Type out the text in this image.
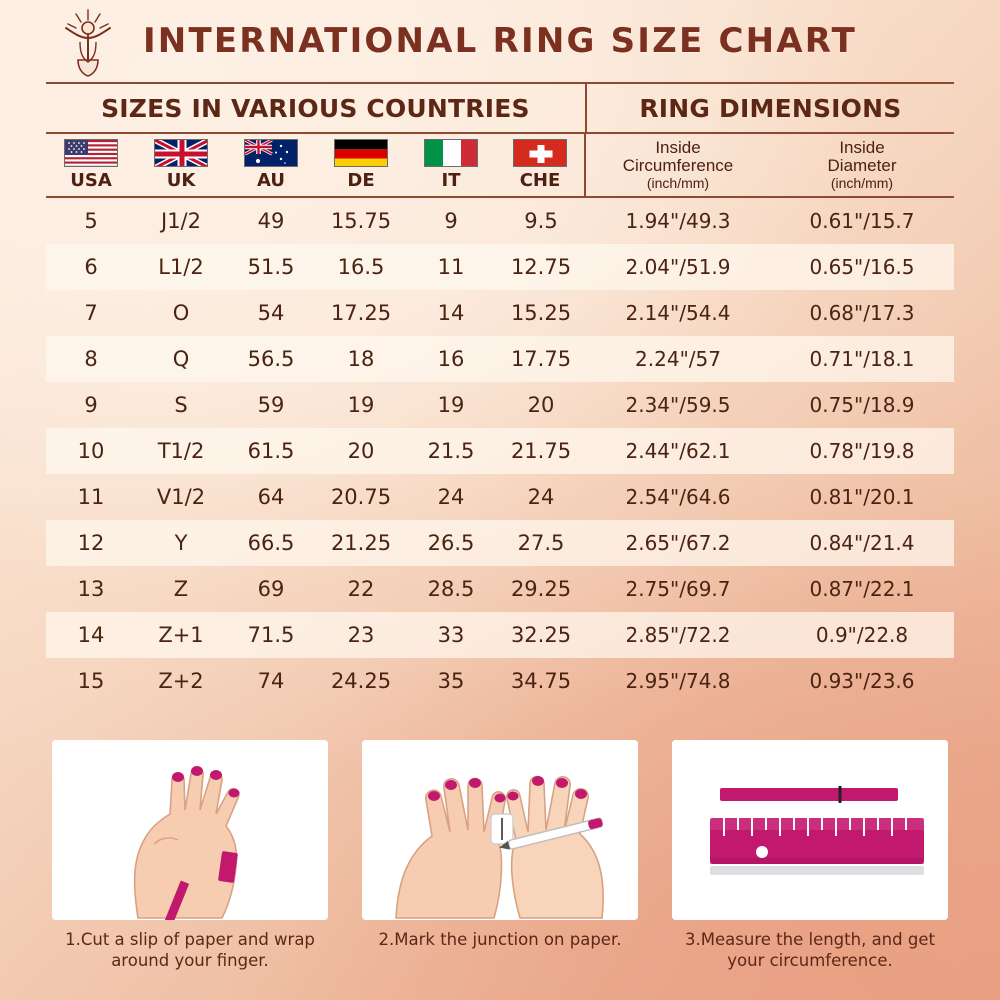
INTERNATIONAL RING SIZE CHART
SIZES IN VARIOUS COUNTRIES	RING DIMENSIONS
USA	UK	AU	DE	IT	CHE
Inside
Circumference
(inch/mm)
Inside
Diameter
(inch/mm)
5	J1/2	49	15.75	9	9.5	1.94"/49.3	0.61"/15.7
6	L1/2	51.5	16.5	11	12.75	2.04"/51.9	0.65"/16.5
7	O	54	17.25	14	15.25	2.14"/54.4	0.68"/17.3
8	Q	56.5	18	16	17.75	2.24"/57	0.71"/18.1
9	S	59	19	19	20	2.34"/59.5	0.75"/18.9
10	T1/2	61.5	20	21.5	21.75	2.44"/62.1	0.78"/19.8
11	V1/2	64	20.75	24	24	2.54"/64.6	0.81"/20.1
12	Y	66.5	21.25	26.5	27.5	2.65"/67.2	0.84"/21.4
13	Z	69	22	28.5	29.25	2.75"/69.7	0.87"/22.1
14	Z+1	71.5	23	33	32.25	2.85"/72.2	0.9"/22.8
15	Z+2	74	24.25	35	34.75	2.95"/74.8	0.93"/23.6
1.Cut a slip of paper and wrap around your finger.
2.Mark the junction on paper.	3.Measure the length, and get your circumference.
